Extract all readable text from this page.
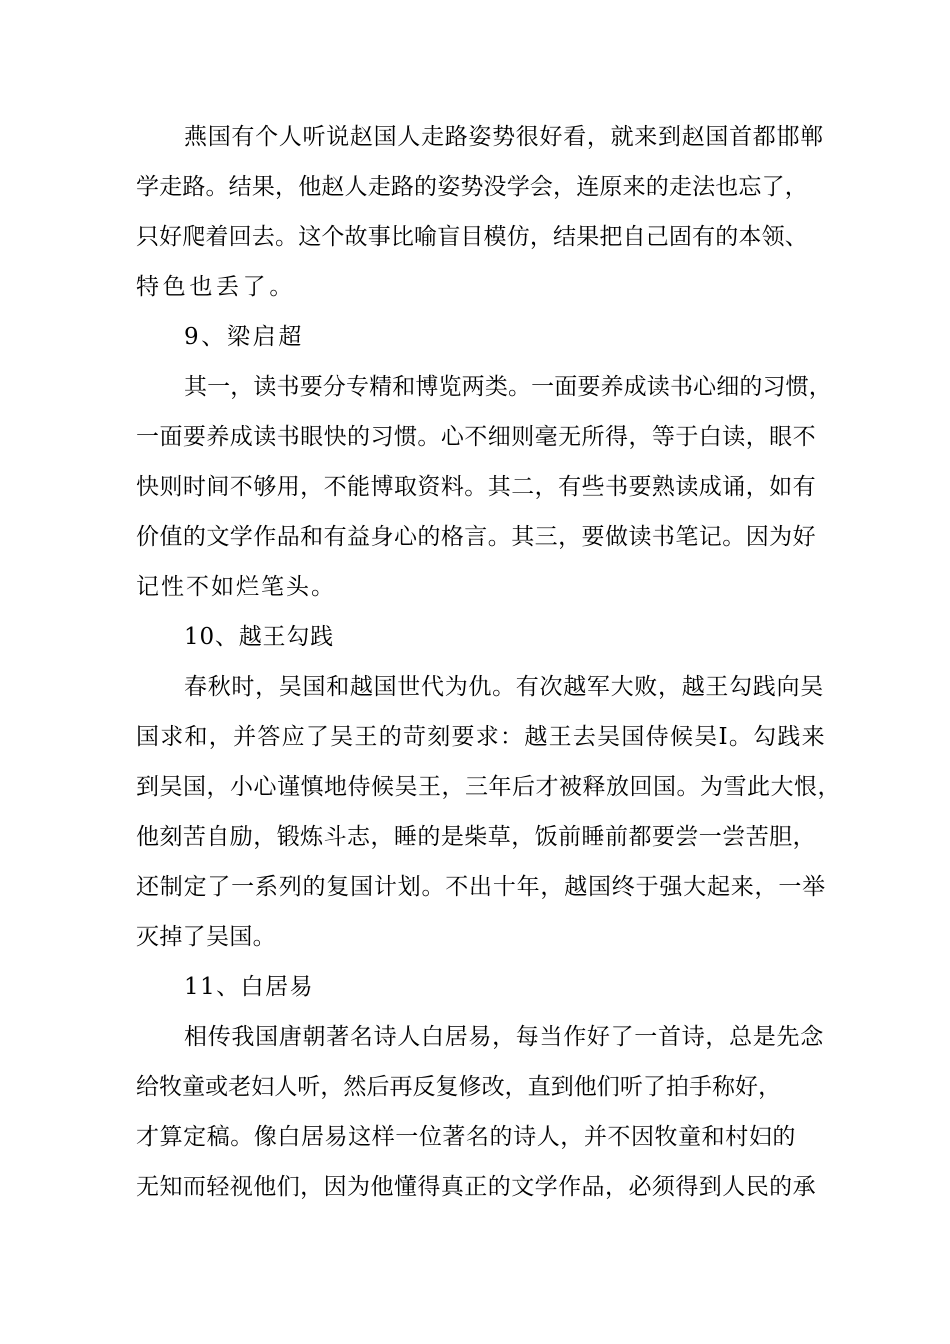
燕国有个人听说赵国人走路姿势很好看，就来到赵国首都邯郸
学走路。结果，他赵人走路的姿势没学会，连原来的走法也忘了，
只好爬着回去。这个故事比喻盲目模仿，结果把自己固有的本领、
特色也丢了。
9、梁启超
其一，读书要分专精和博览两类。一面要养成读书心细的习惯，
一面要养成读书眼快的习惯。心不细则毫无所得，等于白读，眼不
快则时间不够用，不能博取资料。其二，有些书要熟读成诵，如有
价值的文学作品和有益身心的格言。其三，要做读书笔记。因为好
记性不如烂笔头。
10、越王勾践
春秋时，吴国和越国世代为仇。有次越军大败，越王勾践向吴
国求和，并答应了吴王的苛刻要求：越王去吴国侍候吴Ⅰ。勾践来
到吴国，小心谨慎地侍候吴王，三年后才被释放回国。为雪此大恨，
他刻苦自励，锻炼斗志，睡的是柴草，饭前睡前都要尝一尝苦胆，
还制定了一系列的复国计划。不出十年，越国终于强大起来，一举
灭掉了吴国。
11、白居易
相传我国唐朝著名诗人白居易，每当作好了一首诗，总是先念
给牧童或老妇人听，然后再反复修改，直到他们听了拍手称好，
才算定稿。像白居易这样一位著名的诗人，并不因牧童和村妇的
无知而轻视他们，因为他懂得真正的文学作品，必须得到人民的承
